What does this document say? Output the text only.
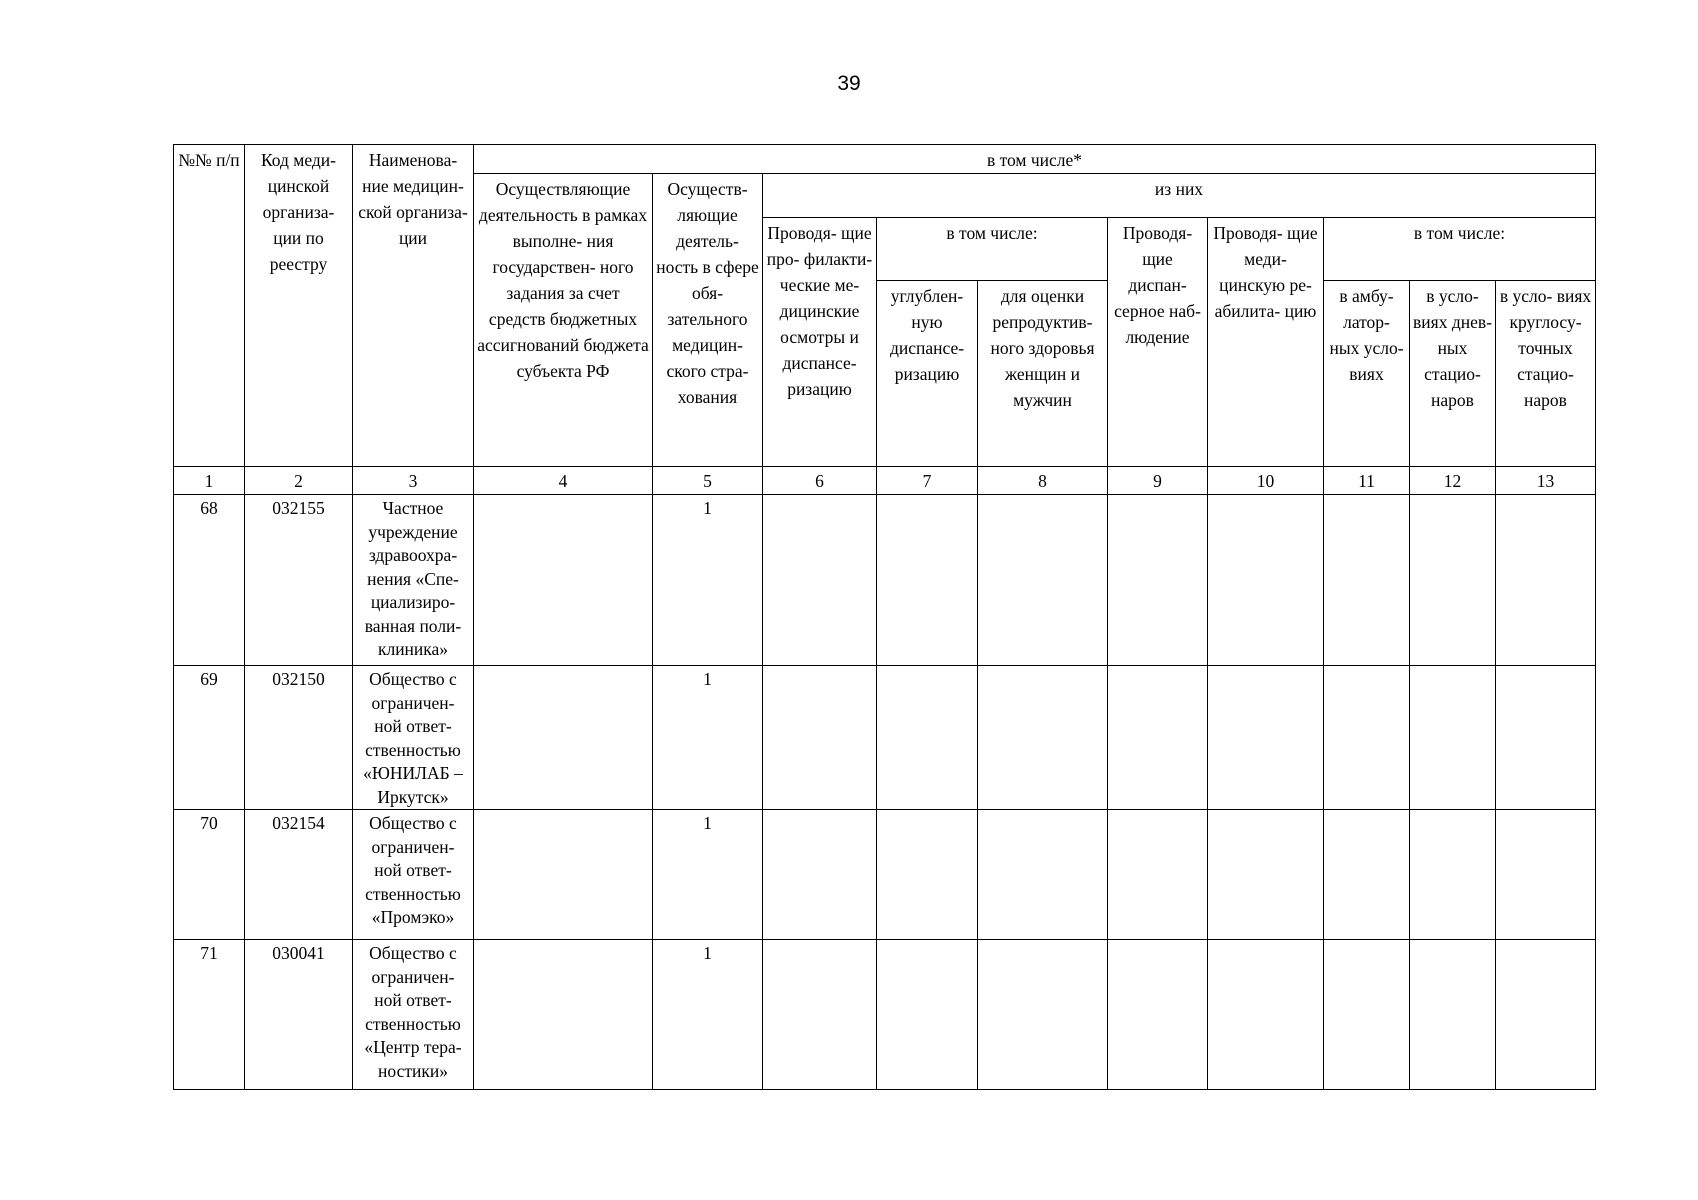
39
№№ п/п	Код меди- цинской организа- ции по реестру	Наименова- ние медицин- ской организа- ции	в том числе*									
			Осуществляющие деятельность в рамках выполне- ния государствен- ного задания за счет средств бюджетных ассигнований бюджета субъекта РФ	Осуществ- ляющие деятель- ность в сфере обя- зательного медицин- ского стра- хования	из них							
					Проводя- щие про- филакти- ческие ме- дицинские осмотры и диспансе- ризацию	в том числе:		Проводя- щие диспан- серное наб- людение	Проводя- щие меди- цинскую ре- абилита- цию	в том числе:		
						углублен- ную диспансе- ризацию	для оценки репродуктив- ного здоровья женщин и мужчин			в амбу- латор- ных усло- виях	в усло- виях днев- ных стацио- наров	в усло- виях круглосу- точных стацио- наров
1	2	3	4	5	6	7	8	9	10	11	12	13
68	032155	Частное учреждение здравоохра- нения «Спе- циализиро- ванная поли- клиника»		1								
69	032150	Общество с ограничен- ной ответ- ственностью «ЮНИЛАБ – Иркутск»		1								
70	032154	Общество с ограничен- ной ответ- ственностью «Промэко»		1								
71	030041	Общество с ограничен- ной ответ- ственностью «Центр тера- ностики»		1								
